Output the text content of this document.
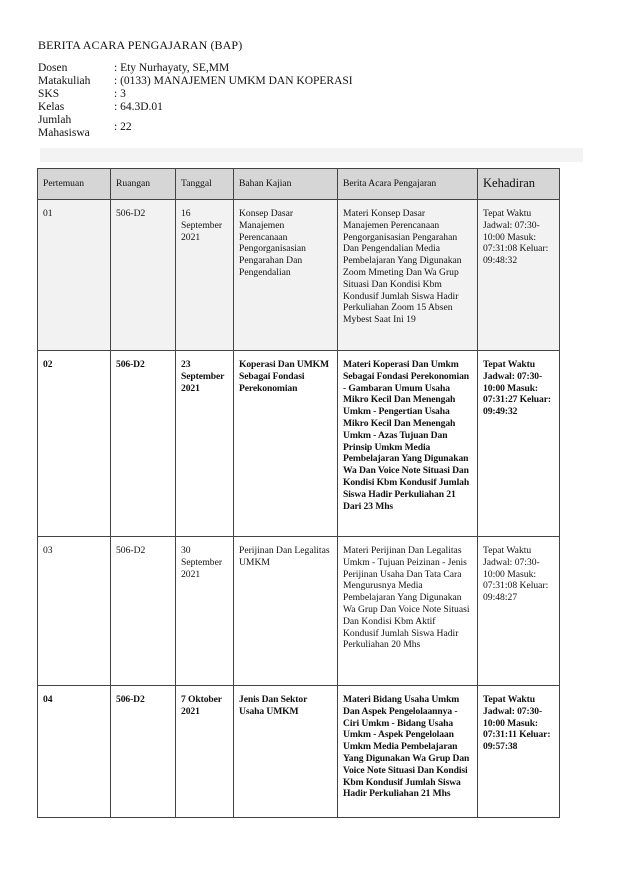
BERITA ACARA PENGAJARAN (BAP)
Dosen	: Ety Nurhayaty, SE,MM
Matakuliah	: (0133) MANAJEMEN UMKM DAN KOPERASI
SKS	: 3
Kelas	: 64.3D.01
Jumlah Mahasiswa	: 22
Pertemuan	Ruangan	Tanggal	Bahan Kajian	Berita Acara Pengajaran	Kehadiran
01	506-D2	16 September 2021	Konsep Dasar Manajemen Perencanaan Pengorganisasian Pengarahan Dan Pengendalian	Materi Konsep Dasar Manajemen Perencanaan Pengorganisasian Pengarahan Dan Pengendalian Media Pembelajaran Yang Digunakan Zoom Mmeting Dan Wa Grup Situasi Dan Kondisi Kbm Kondusif Jumlah Siswa Hadir Perkuliahan Zoom 15 Absen Mybest Saat Ini 19	Tepat Waktu Jadwal: 07:30-10:00 Masuk: 07:31:08 Keluar: 09:48:32
02	506-D2	23 September 2021	Koperasi Dan UMKM Sebagai Fondasi Perekonomian	Materi Koperasi Dan Umkm Sebagai Fondasi Perekonomian - Gambaran Umum Usaha Mikro Kecil Dan Menengah Umkm - Pengertian Usaha Mikro Kecil Dan Menengah Umkm - Azas Tujuan Dan Prinsip Umkm Media Pembelajaran Yang Digunakan Wa Dan Voice Note Situasi Dan Kondisi Kbm Kondusif Jumlah Siswa Hadir Perkuliahan 21 Dari 23 Mhs	Tepat Waktu Jadwal: 07:30-10:00 Masuk: 07:31:27 Keluar: 09:49:32
03	506-D2	30 September 2021	Perijinan Dan Legalitas UMKM	Materi Perijinan Dan Legalitas Umkm - Tujuan Peizinan - Jenis Perijinan Usaha Dan Tata Cara Mengurusnya Media Pembelajaran Yang Digunakan Wa Grup Dan Voice Note Situasi Dan Kondisi Kbm Aktif Kondusif Jumlah Siswa Hadir Perkuliahan 20 Mhs	Tepat Waktu Jadwal: 07:30-10:00 Masuk: 07:31:08 Keluar: 09:48:27
04	506-D2	7 Oktober 2021	Jenis Dan Sektor Usaha UMKM	Materi Bidang Usaha Umkm Dan Aspek Pengelolaannya - Ciri Umkm - Bidang Usaha Umkm - Aspek Pengelolaan Umkm Media Pembelajaran Yang Digunakan Wa Grup Dan Voice Note Situasi Dan Kondisi Kbm Kondusif Jumlah Siswa Hadir Perkuliahan 21 Mhs	Tepat Waktu Jadwal: 07:30-10:00 Masuk: 07:31:11 Keluar: 09:57:38
